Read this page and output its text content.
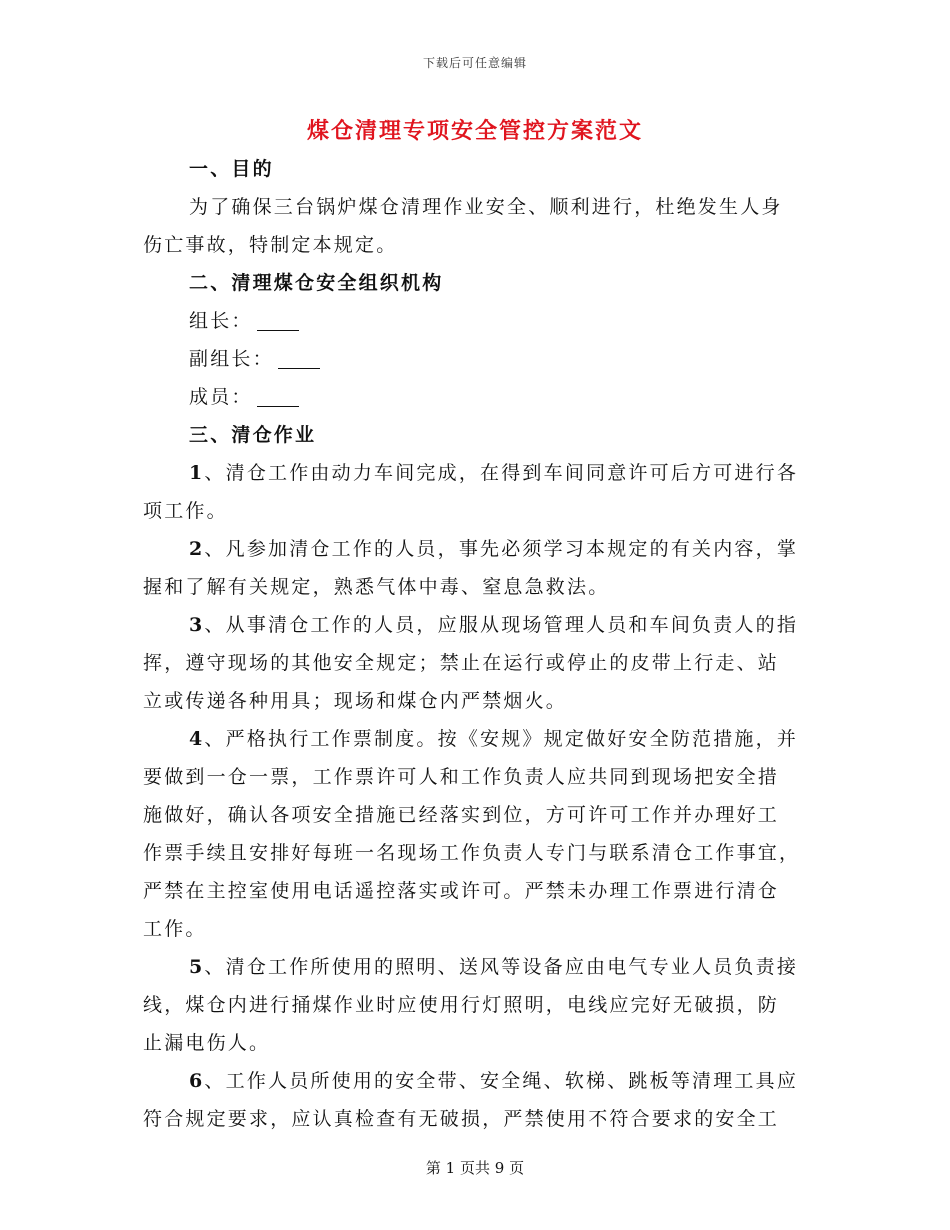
下载后可任意编辑
煤仓清理专项安全管控方案范文
一、目的
为了确保三台锅炉煤仓清理作业安全、顺利进行，杜绝发生人身
伤亡事故，特制定本规定。
二、清理煤仓安全组织机构
组长：
副组长：
成员：
三、清仓作业
1、清仓工作由动力车间完成，在得到车间同意许可后方可进行各
项工作。
2、凡参加清仓工作的人员，事先必须学习本规定的有关内容，掌
握和了解有关规定，熟悉气体中毒、窒息急救法。
3、从事清仓工作的人员，应服从现场管理人员和车间负责人的指
挥，遵守现场的其他安全规定；禁止在运行或停止的皮带上行走、站
立或传递各种用具；现场和煤仓内严禁烟火。
4、严格执行工作票制度。按《安规》规定做好安全防范措施，并
要做到一仓一票，工作票许可人和工作负责人应共同到现场把安全措
施做好，确认各项安全措施已经落实到位，方可许可工作并办理好工
作票手续且安排好每班一名现场工作负责人专门与联系清仓工作事宜，
严禁在主控室使用电话遥控落实或许可。严禁未办理工作票进行清仓
工作。
5、清仓工作所使用的照明、送风等设备应由电气专业人员负责接
线，煤仓内进行捅煤作业时应使用行灯照明，电线应完好无破损，防
止漏电伤人。
6、工作人员所使用的安全带、安全绳、软梯、跳板等清理工具应
符合规定要求，应认真检查有无破损，严禁使用不符合要求的安全工
第 1 页共 9 页
